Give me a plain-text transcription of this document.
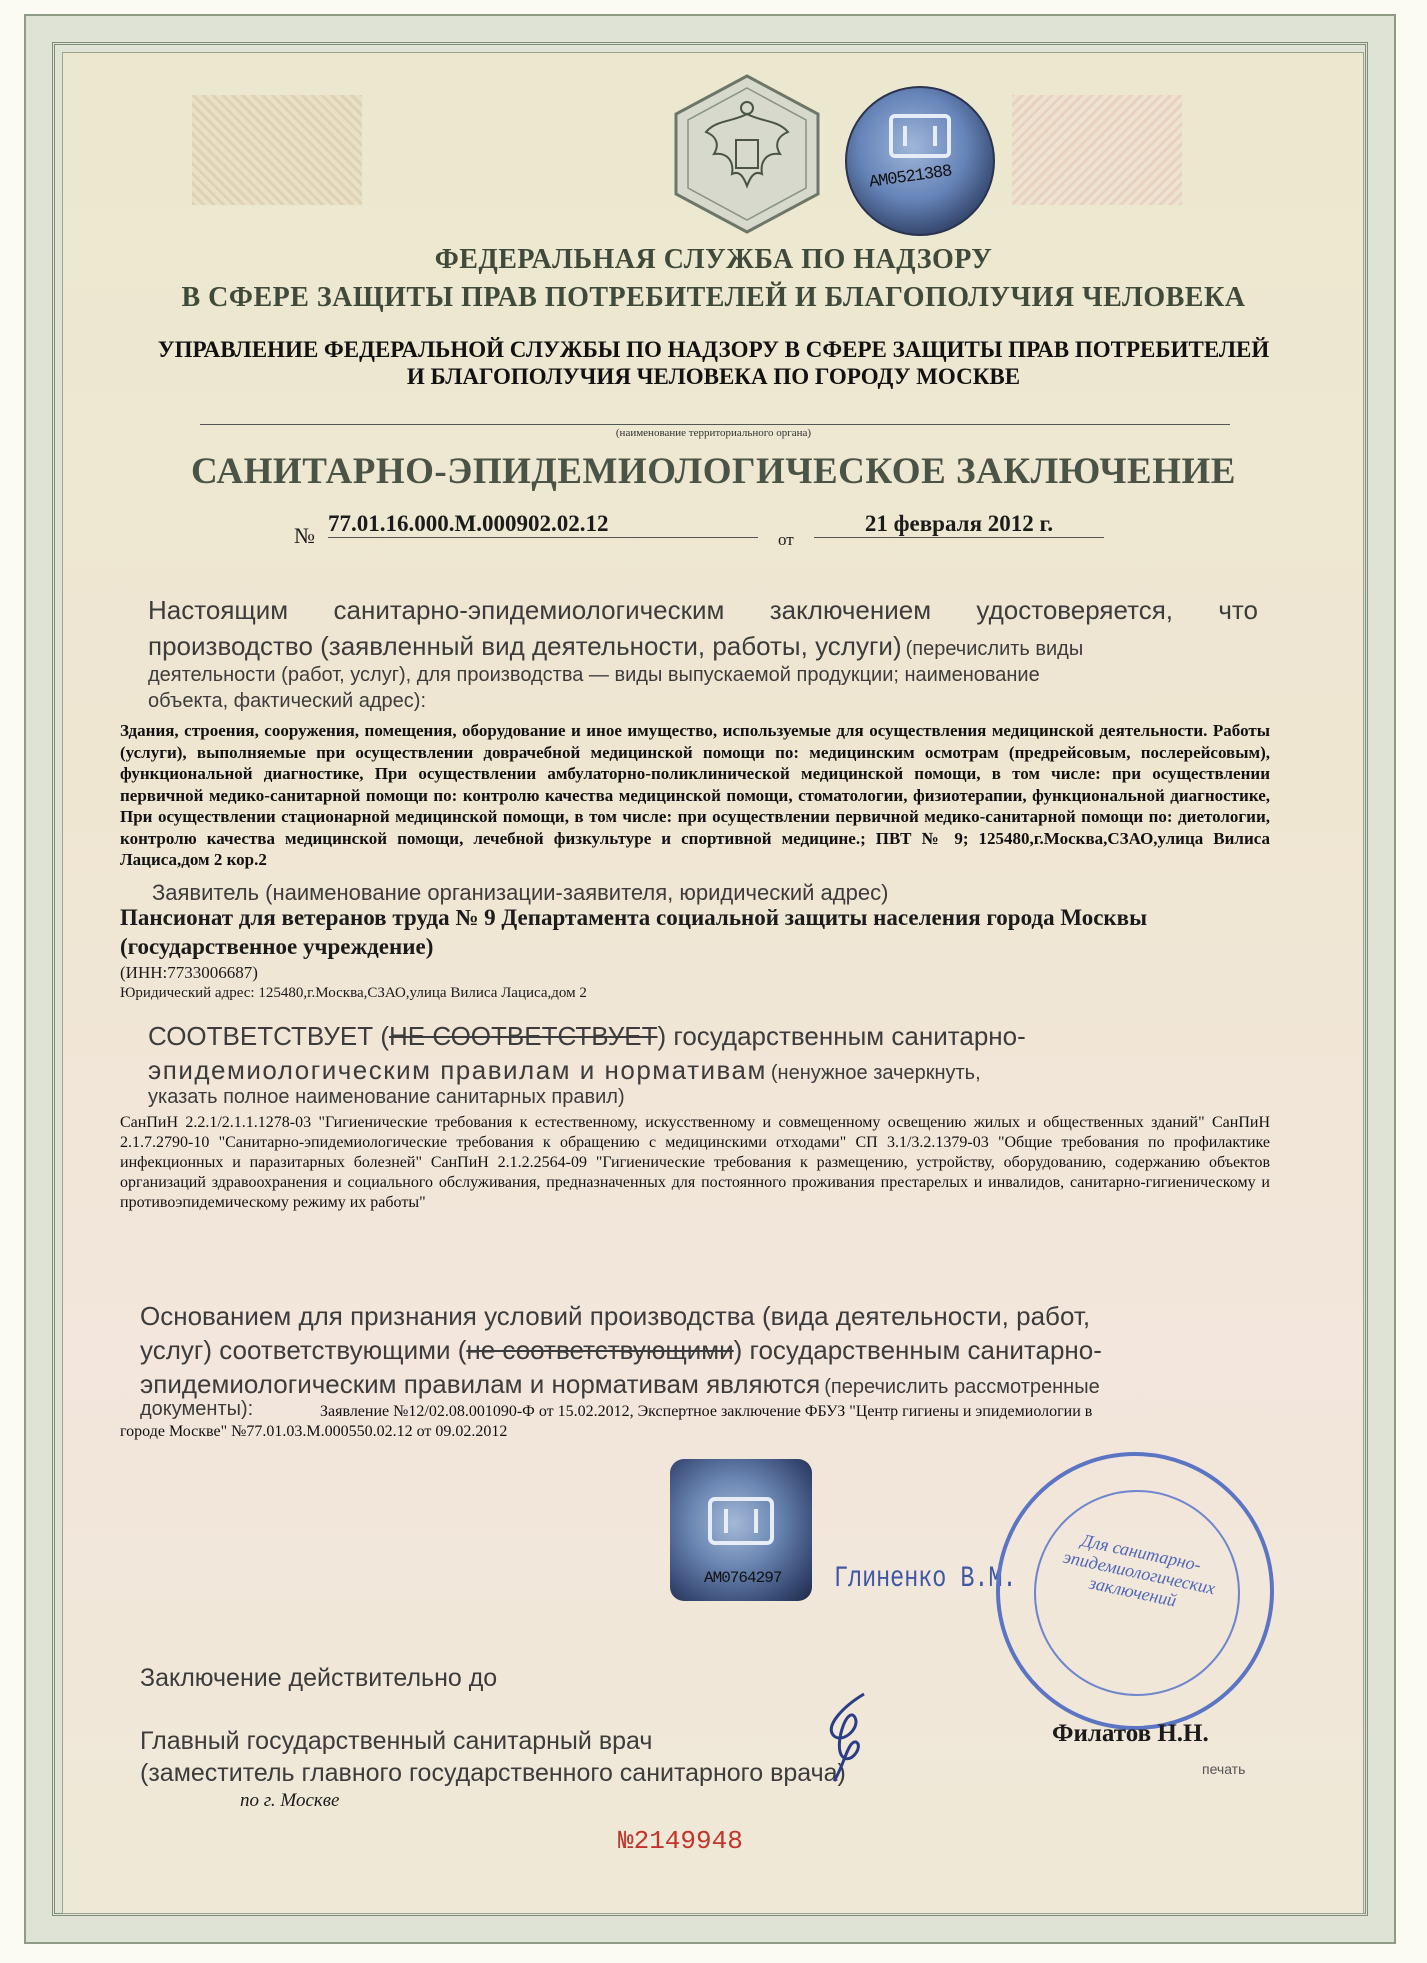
AM0521388
ФЕДЕРАЛЬНАЯ СЛУЖБА ПО НАДЗОРУ
В СФЕРЕ ЗАЩИТЫ ПРАВ ПОТРЕБИТЕЛЕЙ И БЛАГОПОЛУЧИЯ ЧЕЛОВЕКА
УПРАВЛЕНИЕ ФЕДЕРАЛЬНОЙ СЛУЖБЫ ПО НАДЗОРУ В СФЕРЕ ЗАЩИТЫ ПРАВ ПОТРЕБИТЕЛЕЙ
И БЛАГОПОЛУЧИЯ ЧЕЛОВЕКА ПО ГОРОДУ МОСКВЕ
(наименование территориального органа)
САНИТАРНО-ЭПИДЕМИОЛОГИЧЕСКОЕ ЗАКЛЮЧЕНИЕ
№ 77.01.16.000.М.000902.02.12
от
21 февраля 2012 г.
Настоящим санитарно-эпидемиологическим заключением удостоверяется, что
производство (заявленный вид деятельности, работы, услуги) (перечислить виды
деятельности (работ, услуг), для производства — виды выпускаемой продукции; наименование
объекта, фактический адрес):
Здания, строения, сооружения, помещения, оборудование и иное имущество, используемые для осуществления медицинской деятельности. Работы (услуги), выполняемые при осуществлении доврачебной медицинской помощи по: медицинским осмотрам (предрейсовым, послерейсовым), функциональной диагностике, При осуществлении амбулаторно-поликлинической медицинской помощи, в том числе: при осуществлении первичной медико-санитарной помощи по: контролю качества медицинской помощи, стоматологии, физиотерапии, функциональной диагностике, При осуществлении стационарной медицинской помощи, в том числе: при осуществлении первичной медико-санитарной помощи по: диетологии, контролю качества медицинской помощи, лечебной физкультуре и спортивной медицине.; ПВТ № 9; 125480,г.Москва,СЗАО,улица Вилиса Лациса,дом 2 кор.2
Заявитель (наименование организации-заявителя, юридический адрес)
Пансионат для ветеранов труда № 9 Департамента социальной защиты населения города Москвы
(государственное учреждение)
(ИНН:7733006687)
Юридический адрес: 125480,г.Москва,СЗАО,улица Вилиса Лациса,дом 2
СООТВЕТСТВУЕТ (НЕ СООТВЕТСТВУЕТ) государственным санитарно-
эпидемиологическим правилам и нормативам (ненужное зачеркнуть,
указать полное наименование санитарных правил)
СанПиН 2.2.1/2.1.1.1278-03 "Гигиенические требования к естественному, искусственному и совмещенному освещению жилых и общественных зданий" СанПиН 2.1.7.2790-10 "Санитарно-эпидемиологические требования к обращению с медицинскими отходами" СП 3.1/3.2.1379-03 "Общие требования по профилактике инфекционных и паразитарных болезней" СанПиН 2.1.2.2564-09 "Гигиенические требования к размещению, устройству, оборудованию, содержанию объектов организаций здравоохранения и социального обслуживания, предназначенных для постоянного проживания престарелых и инвалидов, санитарно-гигиеническому и противоэпидемическому режиму их работы"
Основанием для признания условий производства (вида деятельности, работ,
услуг) соответствующими (не соответствующими) государственным санитарно-
эпидемиологическим правилам и нормативам являются (перечислить рассмотренные
документы):	Заявление №12/02.08.001090-Ф от 15.02.2012, Экспертное заключение ФБУЗ "Центр гигиены и эпидемиологии в
городе Москве" №77.01.03.М.000550.02.12 от 09.02.2012
AM0764297 Глиненко В.М.
Для санитарно-эпидемиологических заключений
Заключение действительно до
Главный государственный санитарный врач
(заместитель главного государственного санитарного врача)
по г. Москве
Филатов Н.Н.
печать
№2149948
